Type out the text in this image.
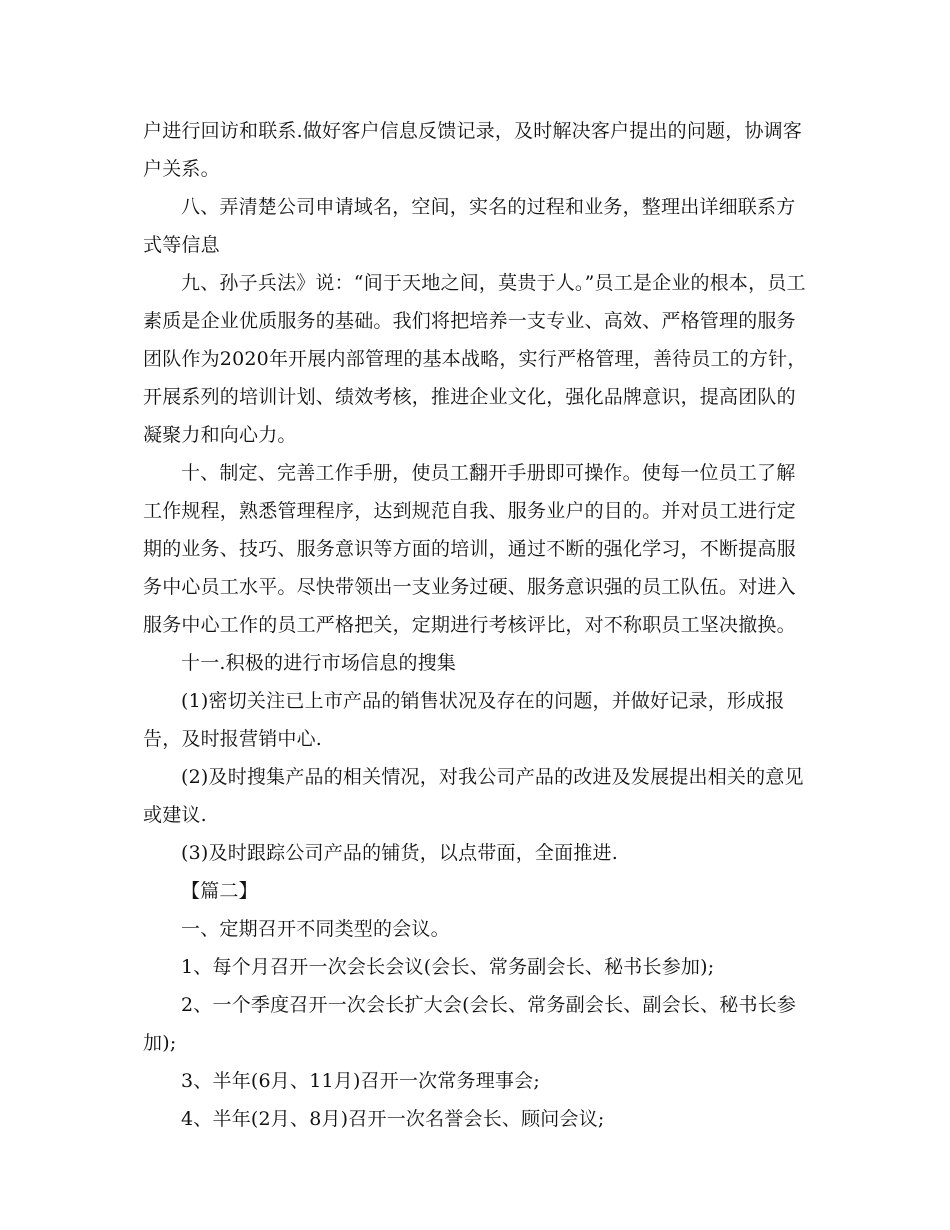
户进行回访和联系.做好客户信息反馈记录，及时解决客户提出的问题，协调客户关系。

八、弄清楚公司申请域名，空间，实名的过程和业务，整理出详细联系方式等信息

九、孙子兵法》说：“间于天地之间，莫贵于人。”员工是企业的根本，员工素质是企业优质服务的基础。我们将把培养一支专业、高效、严格管理的服务团队作为2020年开展内部管理的基本战略，实行严格管理，善待员工的方针，开展系列的培训计划、绩效考核，推进企业文化，强化品牌意识，提高团队的凝聚力和向心力。

十、制定、完善工作手册，使员工翻开手册即可操作。使每一位员工了解工作规程，熟悉管理程序，达到规范自我、服务业户的目的。并对员工进行定期的业务、技巧、服务意识等方面的培训，通过不断的强化学习，不断提高服务中心员工水平。尽快带领出一支业务过硬、服务意识强的员工队伍。对进入服务中心工作的员工严格把关，定期进行考核评比，对不称职员工坚决撤换。

十一.积极的进行市场信息的搜集

(1)密切关注已上市产品的销售状况及存在的问题，并做好记录，形成报告，及时报营销中心.

(2)及时搜集产品的相关情况，对我公司产品的改进及发展提出相关的意见或建议.

(3)及时跟踪公司产品的铺货，以点带面，全面推进.

【篇二】

一、定期召开不同类型的会议。

1、每个月召开一次会长会议(会长、常务副会长、秘书长参加);

2、一个季度召开一次会长扩大会(会长、常务副会长、副会长、秘书长参加);

3、半年(6月、11月)召开一次常务理事会;

4、半年(2月、8月)召开一次名誉会长、顾问会议;
